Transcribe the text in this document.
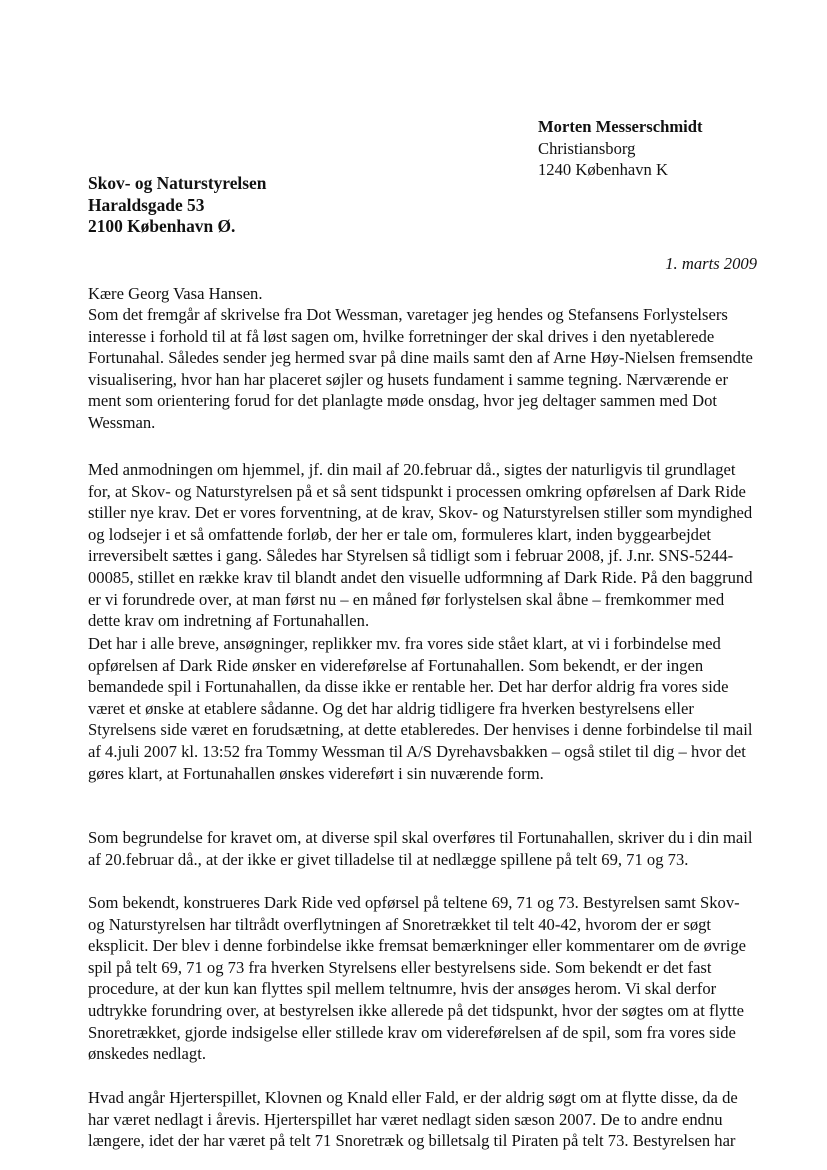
Morten Messerschmidt
Christiansborg
1240 København K
Skov- og Naturstyrelsen
Haraldsgade 53
2100 København Ø.
1. marts 2009
Kære Georg Vasa Hansen.
Som det fremgår af skrivelse fra Dot Wessman, varetager jeg hendes og Stefansens Forlystelsers
interesse i forhold til at få løst sagen om, hvilke forretninger der skal drives i den nyetablerede
Fortunahal. Således sender jeg hermed svar på dine mails samt den af Arne Høy-Nielsen fremsendte
visualisering, hvor han har placeret søjler og husets fundament i samme tegning. Nærværende er
ment som orientering forud for det planlagte møde onsdag, hvor jeg deltager sammen med Dot
Wessman.
Med anmodningen om hjemmel, jf. din mail af 20.februar då., sigtes der naturligvis til grundlaget
for, at Skov- og Naturstyrelsen på et så sent tidspunkt i processen omkring opførelsen af Dark Ride
stiller nye krav. Det er vores forventning, at de krav, Skov- og Naturstyrelsen stiller som myndighed
og lodsejer i et så omfattende forløb, der her er tale om, formuleres klart, inden byggearbejdet
irreversibelt sættes i gang. Således har Styrelsen så tidligt som i februar 2008, jf. J.nr. SNS-5244-
00085, stillet en række krav til blandt andet den visuelle udformning af Dark Ride. På den baggrund
er vi forundrede over, at man først nu – en måned før forlystelsen skal åbne – fremkommer med
dette krav om indretning af Fortunahallen.
Det har i alle breve, ansøgninger, replikker mv. fra vores side stået klart, at vi i forbindelse med
opførelsen af Dark Ride ønsker en videreførelse af Fortunahallen. Som bekendt, er der ingen
bemandede spil i Fortunahallen, da disse ikke er rentable her. Det har derfor aldrig fra vores side
været et ønske at etablere sådanne. Og det har aldrig tidligere fra hverken bestyrelsens eller
Styrelsens side været en forudsætning, at dette etableredes. Der henvises i denne forbindelse til mail
af 4.juli 2007 kl. 13:52 fra Tommy Wessman til A/S Dyrehavsbakken – også stilet til dig – hvor det
gøres klart, at Fortunahallen ønskes videreført i sin nuværende form.
Som begrundelse for kravet om, at diverse spil skal overføres til Fortunahallen, skriver du i din mail
af 20.februar då., at der ikke er givet tilladelse til at nedlægge spillene på telt 69, 71 og 73.
Som bekendt, konstrueres Dark Ride ved opførsel på teltene 69, 71 og 73. Bestyrelsen samt Skov-
og Naturstyrelsen har tiltrådt overflytningen af Snoretrækket til telt 40-42, hvorom der er søgt
eksplicit. Der blev i denne forbindelse ikke fremsat bemærkninger eller kommentarer om de øvrige
spil på telt 69, 71 og 73 fra hverken Styrelsens eller bestyrelsens side. Som bekendt er det fast
procedure, at der kun kan flyttes spil mellem teltnumre, hvis der ansøges herom. Vi skal derfor
udtrykke forundring over, at bestyrelsen ikke allerede på det tidspunkt, hvor der søgtes om at flytte
Snoretrækket, gjorde indsigelse eller stillede krav om videreførelsen af de spil, som fra vores side
ønskedes nedlagt.
Hvad angår Hjerterspillet, Klovnen og Knald eller Fald, er der aldrig søgt om at flytte disse, da de
har været nedlagt i årevis. Hjerterspillet har været nedlagt siden sæson 2007. De to andre endnu
længere, idet der har været på telt 71 Snoretræk og billetsalg til Piraten på telt 73. Bestyrelsen har
